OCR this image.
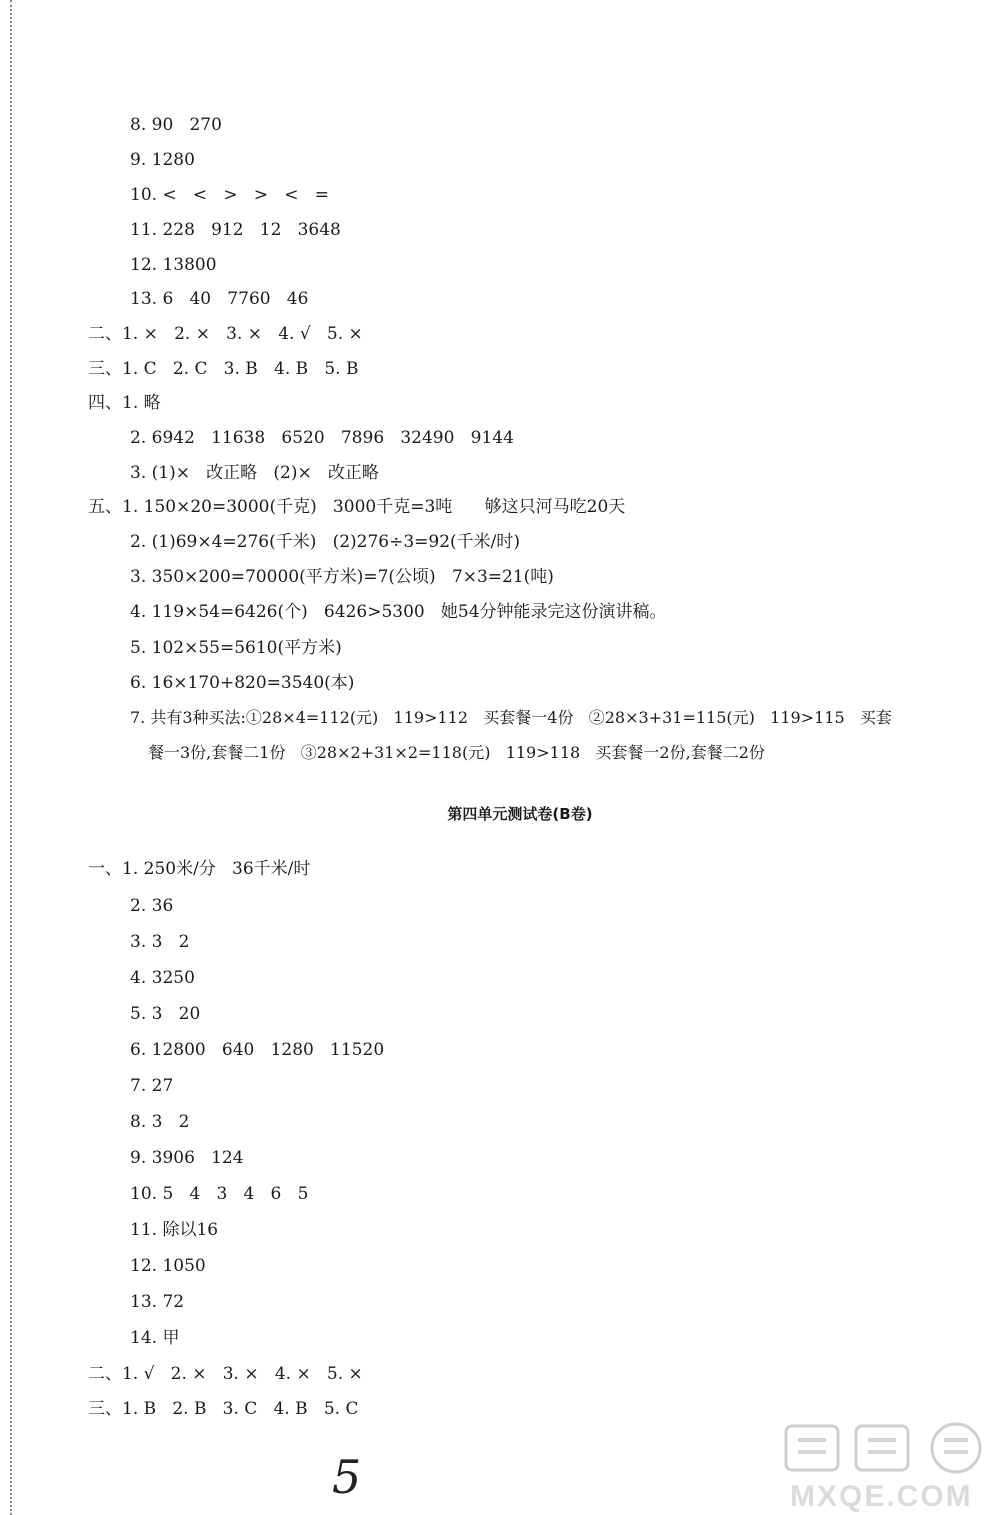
8. 90   270
9. 1280
10. <   <   >   >   <   =
11. 228   912   12   3648
12. 13800
13. 6   40   7760   46
二、1. ×   2. ×   3. ×   4. √   5. ×
三、1. C   2. C   3. B   4. B   5. B
四、1. 略
2. 6942   11638   6520   7896   32490   9144
3. (1)×   改正略   (2)×   改正略
五、1. 150×20=3000(千克)   3000千克=3吨      够这只河马吃20天
2. (1)69×4=276(千米)   (2)276÷3=92(千米/时)
3. 350×200=70000(平方米)=7(公顷)   7×3=21(吨)
4. 119×54=6426(个)   6426>5300   她54分钟能录完这份演讲稿。
5. 102×55=5610(平方米)
6. 16×170+820=3540(本)
7. 共有3种买法:①28×4=112(元)   119>112   买套餐一4份   ②28×3+31=115(元)   119>115   买套
餐一3份,套餐二1份   ③28×2+31×2=118(元)   119>118   买套餐一2份,套餐二2份
第四单元测试卷(B卷)
一、1. 250米/分   36千米/时
2. 36
3. 3   2
4. 3250
5. 3   20
6. 12800   640   1280   11520
7. 27
8. 3   2
9. 3906   124
10. 5   4   3   4   6   5
11. 除以16
12. 1050
13. 72
14. 甲
二、1. √   2. ×   3. ×   4. ×   5. ×
三、1. B   2. B   3. C   4. B   5. C
5	MXQE.COM
